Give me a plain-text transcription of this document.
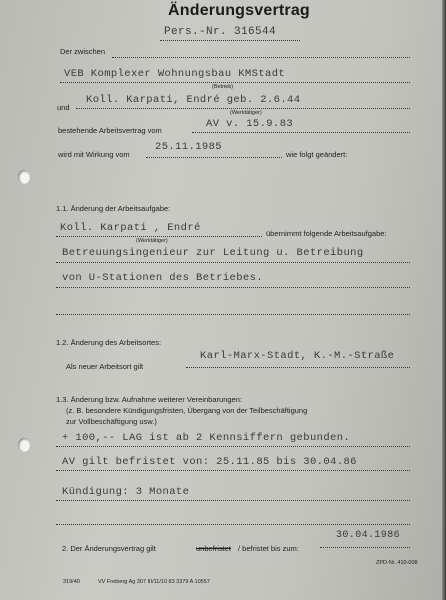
Änderungsvertrag
Pers.-Nr. 316544
Der zwischen
VEB Komplexer Wohnungsbau KMStadt
(Betrieb)
und
Koll. Karpati, Endré geb. 2.6.44
(Werktätiger)
bestehende Arbeitsvertrag vom
AV v. 15.9.83
wird mit Wirkung vom
25.11.1985
wie folgt geändert:
1.1. Änderung der Arbeitsaufgabe:
Koll. Karpati , Endré
(Werktätiger)
übernimmt folgende Arbeitsaufgabe:
Betreuungsingenieur zur Leitung u. Betreibung
von U-Stationen des Betriebes.
1.2. Änderung des Arbeitsortes:
Als neuer Arbeitsort gilt
Karl-Marx-Stadt, K.-M.-Straße
1.3. Änderung bzw. Aufnahme weiterer Vereinbarungen:
(z. B. besondere Kündigungsfristen, Übergang von der Teilbeschäftigung
zur Vollbeschäftigung usw.)
+ 100,-- LAG ist ab 2 Kennsiffern gebunden.
AV gilt befristet von: 25.11.85 bis 30.04.86
Kündigung: 3 Monate
2. Der Änderungsvertrag gilt	unbefristet / befristet bis zum:
30.04.1986
ZPD-Nr. 410-008
319/40	VV Freiberg Ag 307 III/11/10 83 3379 A 10557
